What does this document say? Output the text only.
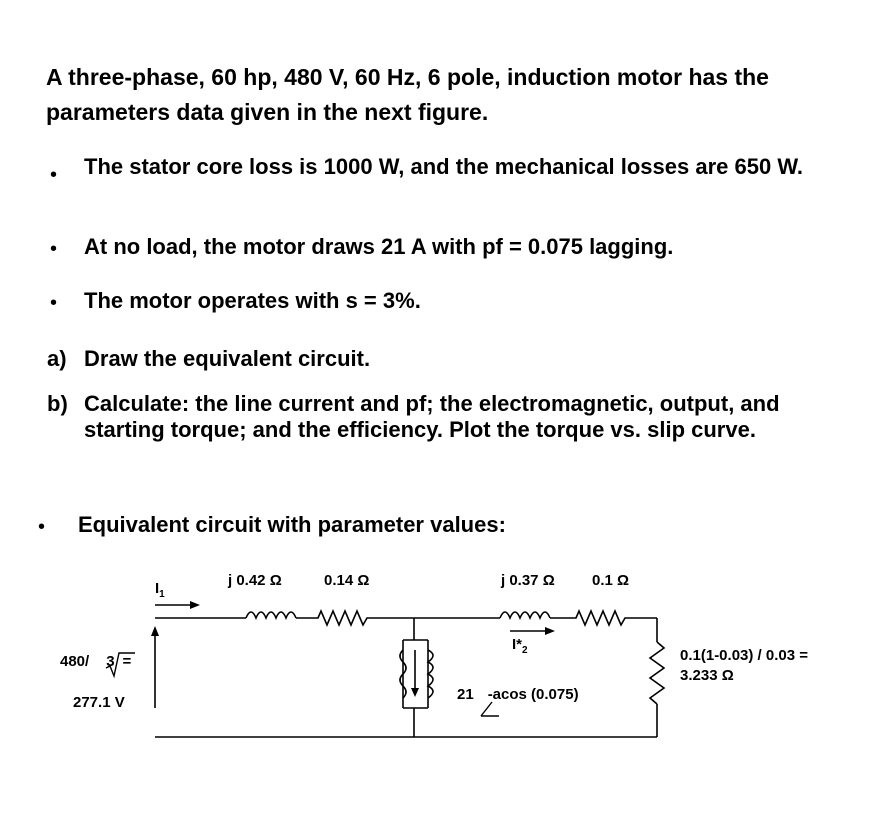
A three-phase, 60 hp, 480 V, 60 Hz, 6 pole, induction motor has the parameters data given in the next figure.
• The stator core loss is 1000 W, and the mechanical losses are 650 W.
• At no load, the motor draws 21 A with pf = 0.075 lagging.
• The motor operates with s = 3%.
a) Draw the equivalent circuit.
b) Calculate: the line current and pf; the electromagnetic, output, and starting torque; and the efficiency. Plot the torque vs. slip curve.
• Equivalent circuit with parameter values:
$I_1$
j 0.42 Ω	0.14 Ω	j 0.37 Ω 0.1 Ω
$I*_2$
480/ 3 =
277.1 V	21 -acos (0.075)
0.1(1-0.03) / 0.03 =
3.233 Ω
